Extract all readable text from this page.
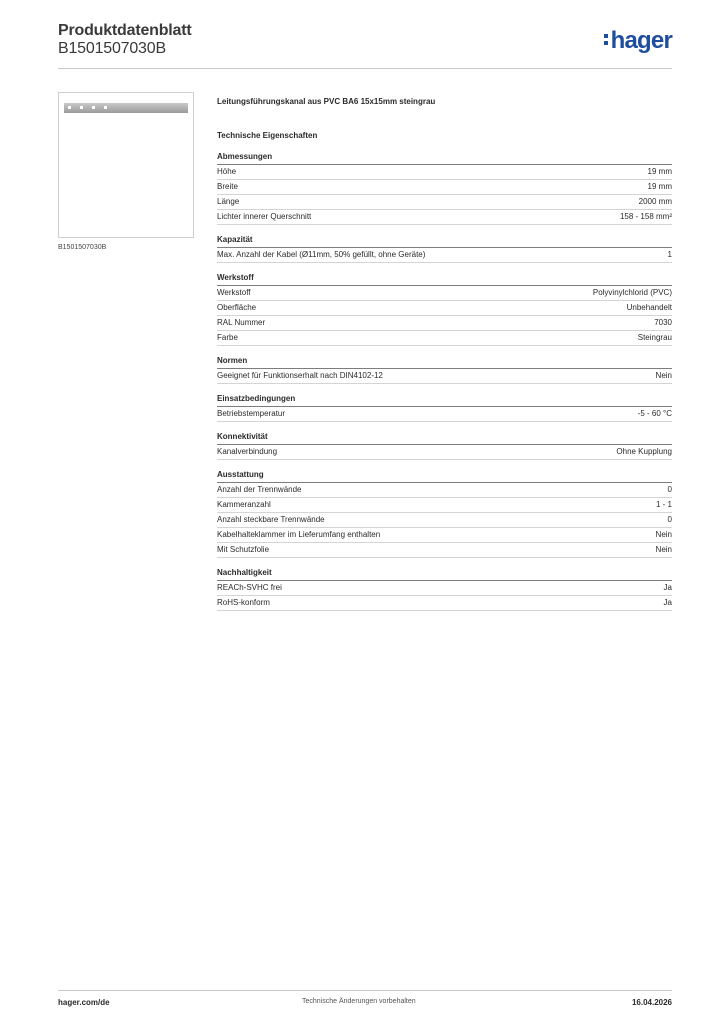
Produktdatenblatt
B1501507030B	hager
B1501507030B
Leitungsführungskanal aus PVC BA6 15x15mm steingrau
Technische Eigenschaften
Abmessungen
Höhe	19 mm
Breite	19 mm
Länge	2000 mm
Lichter innerer Querschnitt	158 - 158 mm²
Kapazität
Max. Anzahl der Kabel (Ø11mm, 50% gefüllt, ohne Geräte)	1
Werkstoff
Werkstoff	Polyvinylchlorid (PVC)
Oberfläche	Unbehandelt
RAL Nummer	7030
Farbe	Steingrau
Normen
Geeignet für Funktionserhalt nach DIN4102-12	Nein
Einsatzbedingungen
Betriebstemperatur	-5 - 60 °C
Konnektivität
Kanalverbindung	Ohne Kupplung
Ausstattung
Anzahl der Trennwände	0
Kammeranzahl	1 - 1
Anzahl steckbare Trennwände	0
Kabelhalteklammer im Lieferumfang enthalten	Nein
Mit Schutzfolie	Nein
Nachhaltigkeit
REACh-SVHC frei	Ja
RoHS-konform	Ja
hager.com/de	Technische Änderungen vorbehalten	16.04.2026
